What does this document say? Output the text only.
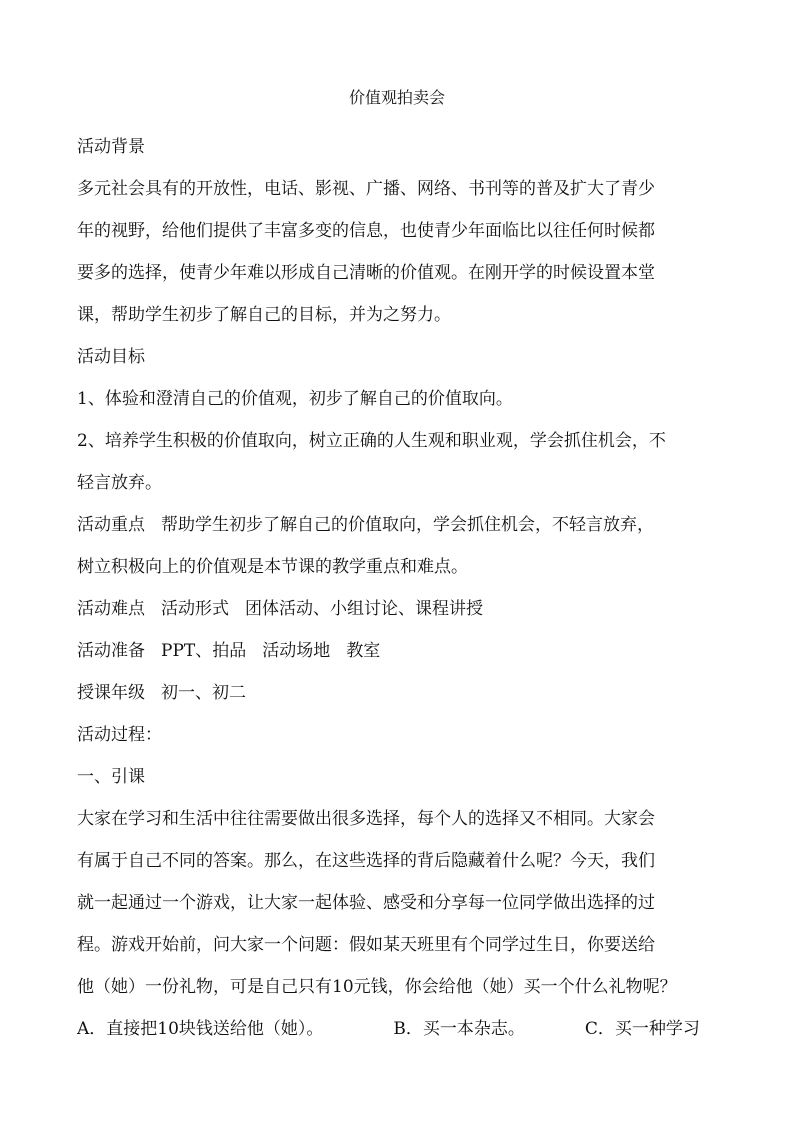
价值观拍卖会
活动背景
多元社会具有的开放性，电话、影视、广播、网络、书刊等的普及扩大了青少
年的视野，给他们提供了丰富多变的信息，也使青少年面临比以往任何时候都
要多的选择，使青少年难以形成自己清晰的价值观。在刚开学的时候设置本堂
课，帮助学生初步了解自己的目标，并为之努力。
活动目标
1、体验和澄清自己的价值观，初步了解自己的价值取向。
2、培养学生积极的价值取向，树立正确的人生观和职业观，学会抓住机会，不
轻言放弃。
活动重点 帮助学生初步了解自己的价值取向，学会抓住机会，不轻言放弃，
树立积极向上的价值观是本节课的教学重点和难点。
活动难点 活动形式 团体活动、小组讨论、课程讲授
活动准备 PPT、拍品 活动场地 教室
授课年级 初一、初二
活动过程：
一、引课
大家在学习和生活中往往需要做出很多选择，每个人的选择又不相同。大家会
有属于自己不同的答案。那么，在这些选择的背后隐藏着什么呢？今天，我们
就一起通过一个游戏，让大家一起体验、感受和分享每一位同学做出选择的过
程。游戏开始前，问大家一个问题：假如某天班里有个同学过生日，你要送给
他（她）一份礼物，可是自己只有10元钱，你会给他（她）买一个什么礼物呢？
A．直接把10块钱送给他（她）。	B．买一本杂志。	C．买一种学习
